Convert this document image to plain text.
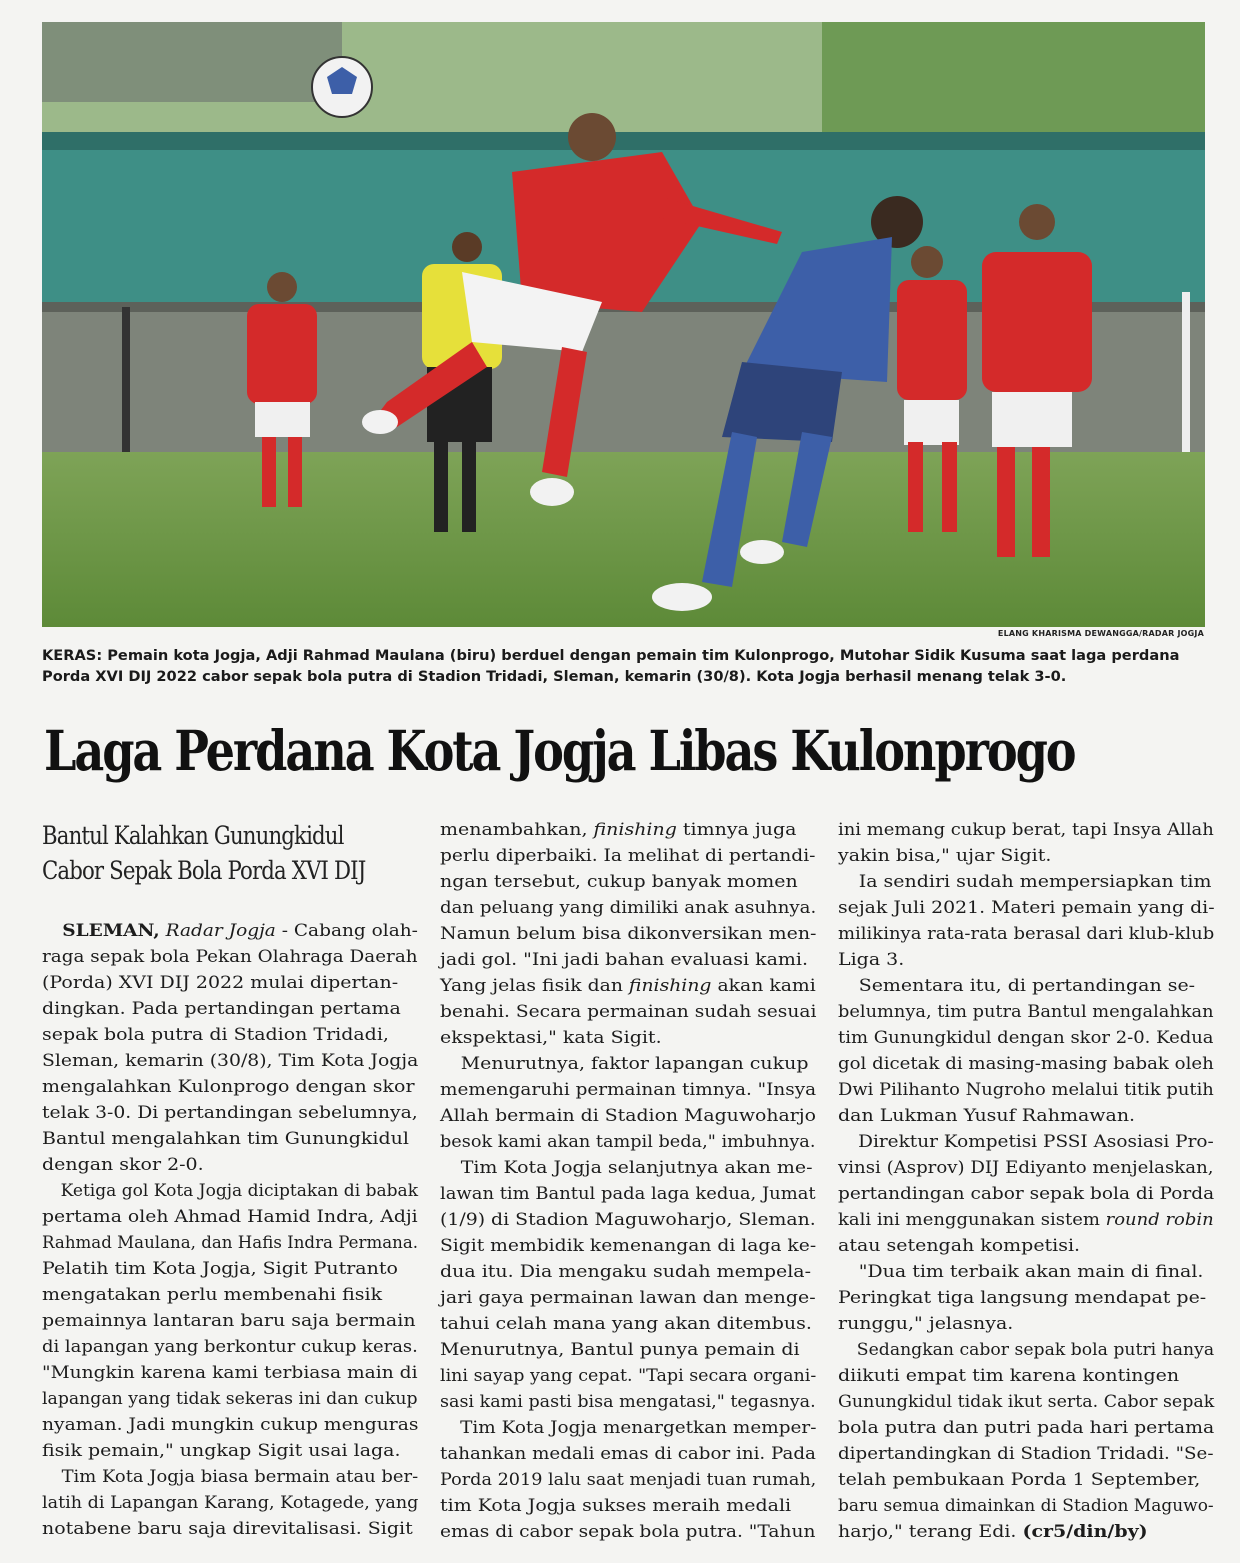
ELANG KHARISMA DEWANGGA/RADAR JOGJA
KERAS: Pemain kota Jogja, Adji Rahmad Maulana (biru) berduel dengan pemain tim Kulonprogo, Mutohar Sidik Kusuma saat laga perdana Porda XVI DIJ 2022 cabor sepak bola putra di Stadion Tridadi, Sleman, kemarin (30/8). Kota Jogja berhasil menang telak 3-0.
Laga Perdana Kota Jogja Libas Kulonprogo
Bantul Kalahkan Gunungkidul
Cabor Sepak Bola Porda XVI DIJ
SLEMAN, Radar Jogja - Cabang olah-
raga sepak bola Pekan Olahraga Daerah
(Porda) XVI DIJ 2022 mulai dipertan-
dingkan. Pada pertandingan pertama
sepak bola putra di Stadion Tridadi,
Sleman, kemarin (30/8), Tim Kota Jogja
mengalahkan Kulonprogo dengan skor
telak 3-0. Di pertandingan sebelumnya,
Bantul mengalahkan tim Gunungkidul
dengan skor 2-0.
Ketiga gol Kota Jogja diciptakan di babak
pertama oleh Ahmad Hamid Indra, Adji
Rahmad Maulana, dan Hafis Indra Permana.
Pelatih tim Kota Jogja, Sigit Putranto
mengatakan perlu membenahi fisik
pemainnya lantaran baru saja bermain
di lapangan yang berkontur cukup keras.
"Mungkin karena kami terbiasa main di
lapangan yang tidak sekeras ini dan cukup
nyaman. Jadi mungkin cukup menguras
fisik pemain," ungkap Sigit usai laga.
Tim Kota Jogja biasa bermain atau ber-
latih di Lapangan Karang, Kotagede, yang
notabene baru saja direvitalisasi. Sigit
menambahkan, finishing timnya juga
perlu diperbaiki. Ia melihat di pertandi-
ngan tersebut, cukup banyak momen
dan peluang yang dimiliki anak asuhnya.
Namun belum bisa dikonversikan men-
jadi gol. "Ini jadi bahan evaluasi kami.
Yang jelas fisik dan finishing akan kami
benahi. Secara permainan sudah sesuai
ekspektasi," kata Sigit.
Menurutnya, faktor lapangan cukup
memengaruhi permainan timnya. "Insya
Allah bermain di Stadion Maguwoharjo
besok kami akan tampil beda," imbuhnya.
Tim Kota Jogja selanjutnya akan me-
lawan tim Bantul pada laga kedua, Jumat
(1/9) di Stadion Maguwoharjo, Sleman.
Sigit membidik kemenangan di laga ke-
dua itu. Dia mengaku sudah mempela-
jari gaya permainan lawan dan menge-
tahui celah mana yang akan ditembus.
Menurutnya, Bantul punya pemain di
lini sayap yang cepat. "Tapi secara organi-
sasi kami pasti bisa mengatasi," tegasnya.
Tim Kota Jogja menargetkan memper-
tahankan medali emas di cabor ini. Pada
Porda 2019 lalu saat menjadi tuan rumah,
tim Kota Jogja sukses meraih medali
emas di cabor sepak bola putra. "Tahun
ini memang cukup berat, tapi Insya Allah
yakin bisa," ujar Sigit.
Ia sendiri sudah mempersiapkan tim
sejak Juli 2021. Materi pemain yang di-
milikinya rata-rata berasal dari klub-klub
Liga 3.
Sementara itu, di pertandingan se-
belumnya, tim putra Bantul mengalahkan
tim Gunungkidul dengan skor 2-0. Kedua
gol dicetak di masing-masing babak oleh
Dwi Pilihanto Nugroho melalui titik putih
dan Lukman Yusuf Rahmawan.
Direktur Kompetisi PSSI Asosiasi Pro-
vinsi (Asprov) DIJ Ediyanto menjelaskan,
pertandingan cabor sepak bola di Porda
kali ini menggunakan sistem round robin
atau setengah kompetisi.
"Dua tim terbaik akan main di final.
Peringkat tiga langsung mendapat pe-
runggu," jelasnya.
Sedangkan cabor sepak bola putri hanya
diikuti empat tim karena kontingen
Gunungkidul tidak ikut serta. Cabor sepak
bola putra dan putri pada hari pertama
dipertandingkan di Stadion Tridadi. "Se-
telah pembukaan Porda 1 September,
baru semua dimainkan di Stadion Maguwo-
harjo," terang Edi. (cr5/din/by)
